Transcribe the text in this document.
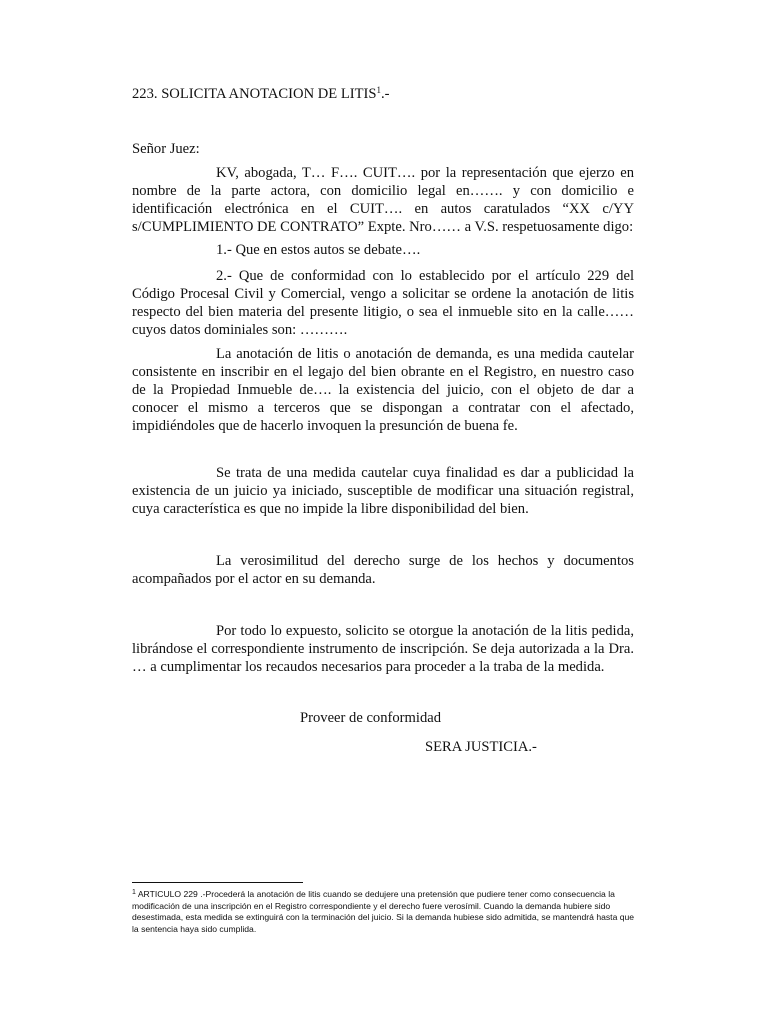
223. SOLICITA ANOTACION DE LITIS$^1$.-

Señor Juez:

KV, abogada, T… F…. CUIT…. por la representación que ejerzo en nombre de la parte actora, con domicilio legal en……. y con domicilio e identificación electrónica en el CUIT…. en autos caratulados “XX c/YY s/CUMPLIMIENTO DE CONTRATO” Expte. Nro…… a V.S. respetuosamente digo:

1.- Que en estos autos se debate….

2.- Que de conformidad con lo establecido por el artículo 229 del Código Procesal Civil y Comercial, vengo a solicitar se ordene la anotación de litis respecto del bien materia del presente litigio, o sea el inmueble sito en la calle…… cuyos datos dominiales son: ……….

La anotación de litis o anotación de demanda, es una medida cautelar consistente en inscribir en el legajo del bien obrante en el Registro, en nuestro caso de la Propiedad Inmueble de…. la existencia del juicio, con el objeto de dar a conocer el mismo a terceros que se dispongan a contratar con el afectado, impidiéndoles que de hacerlo invoquen la presunción de buena fe.

Se trata de una medida cautelar cuya finalidad es dar a publicidad la existencia de un juicio ya iniciado, susceptible de modificar una situación registral, cuya característica es que no impide la libre disponibilidad del bien.

La verosimilitud del derecho surge de los hechos y documentos acompañados por el actor en su demanda.

Por todo lo expuesto, solicito se otorgue la anotación de la litis pedida, librándose el correspondiente instrumento de inscripción. Se deja autorizada a la Dra. … a cumplimentar los recaudos necesarios para proceder a la traba de la medida.

Proveer de conformidad

SERA JUSTICIA.-

$^1$ ARTICULO 229 .-Procederá la anotación de litis cuando se dedujere una pretensión que pudiere tener como consecuencia la modificación de una inscripción en el Registro correspondiente y el derecho fuere verosímil. Cuando la demanda hubiere sido desestimada, esta medida se extinguirá con la terminación del juicio. Si la demanda hubiese sido admitida, se mantendrá hasta que la sentencia haya sido cumplida.
